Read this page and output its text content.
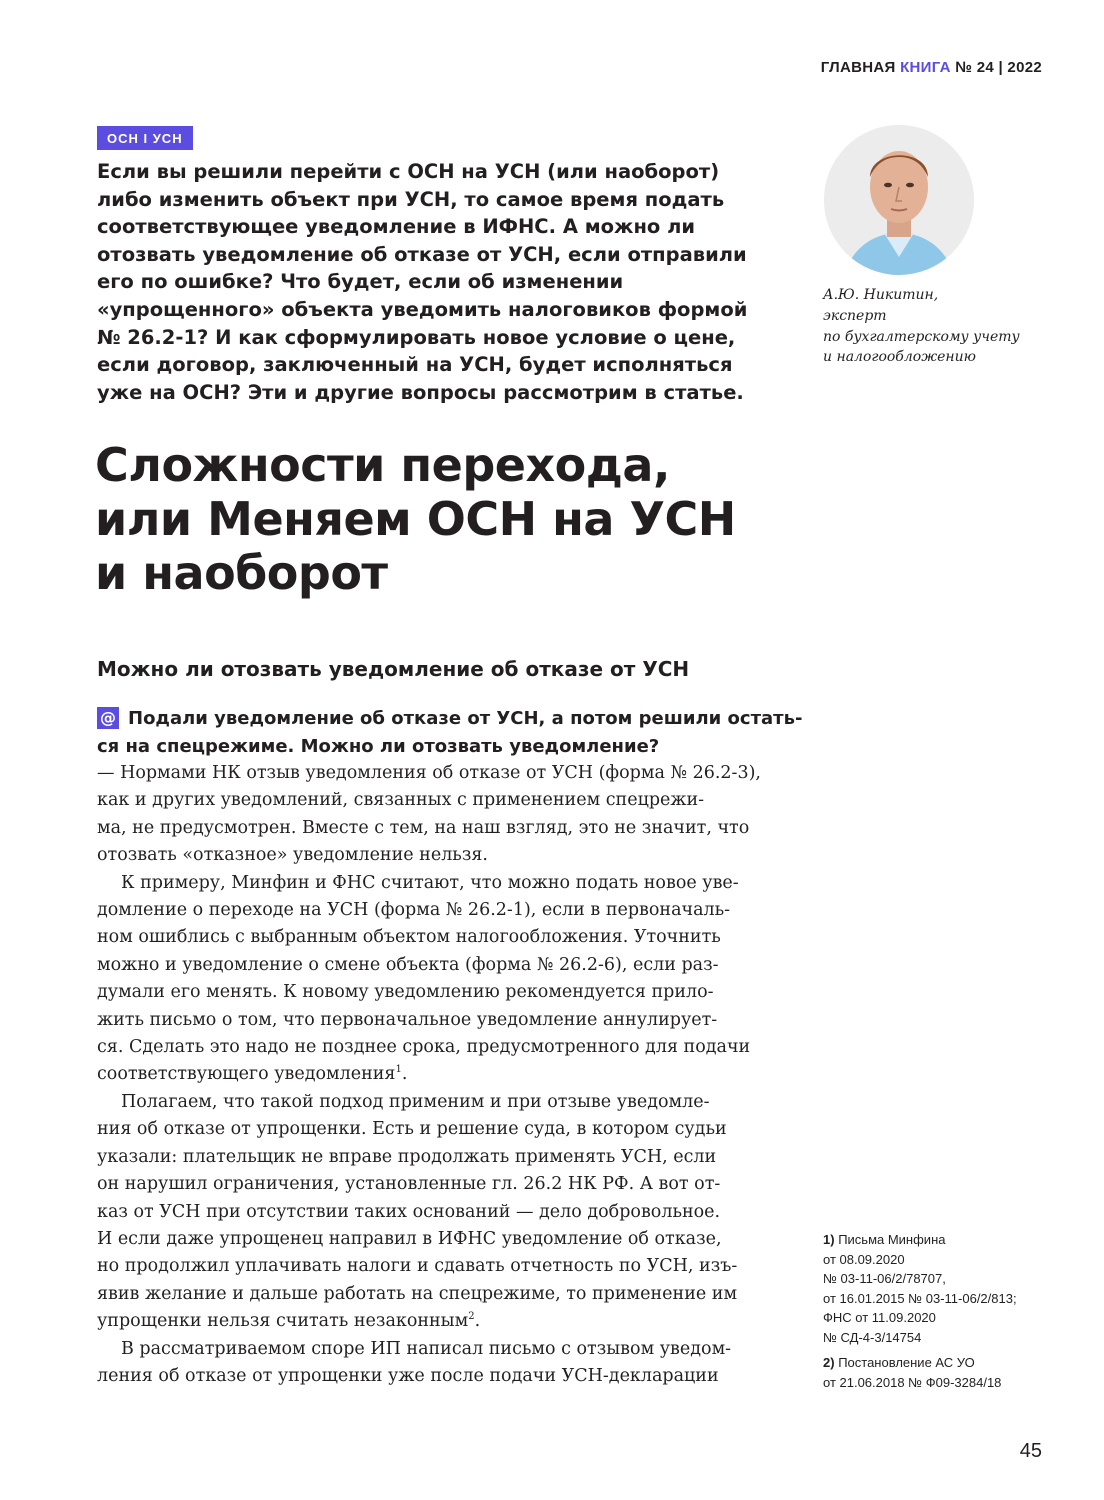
ГЛАВНАЯ КНИГА № 24 | 2022
ОСН I УСН
Если вы решили перейти с ОСН на УСН (или наоборот)
либо изменить объект при УСН, то самое время подать
соответствующее уведомление в ИФНС. А можно ли
отозвать уведомление об отказе от УСН, если отправили
его по ошибке? Что будет, если об изменении
«упрощенного» объекта уведомить налоговиков формой
№ 26.2-1? И как сформулировать новое условие о цене,
если договор, заключенный на УСН, будет исполняться
уже на ОСН? Эти и другие вопросы рассмотрим в статье.
А.Ю. Никитин,
эксперт
по бухгалтерскому учету
и налогообложению
Сложности перехода,
или Меняем ОСН на УСН
и наоборот
Можно ли отозвать уведомление об отказе от УСН
@ Подали уведомление об отказе от УСН, а потом решили остать-
ся на спецрежиме. Можно ли отозвать уведомление?
— Нормами НК отзыв уведомления об отказе от УСН (форма № 26.2-3),
как и других уведомлений, связанных с применением спецрежи-
ма, не предусмотрен. Вместе с тем, на наш взгляд, это не значит, что
отозвать «отказное» уведомление нельзя.
К примеру, Минфин и ФНС считают, что можно подать новое уве-
домление о переходе на УСН (форма № 26.2-1), если в первоначаль-
ном ошиблись с выбранным объектом налогообложения. Уточнить
можно и уведомление о смене объекта (форма № 26.2-6), если раз-
думали его менять. К новому уведомлению рекомендуется прило-
жить письмо о том, что первоначальное уведомление аннулирует-
ся. Сделать это надо не позднее срока, предусмотренного для подачи
соответствующего уведомления$^1$.
Полагаем, что такой подход применим и при отзыве уведомле-
ния об отказе от упрощенки. Есть и решение суда, в котором судьи
указали: плательщик не вправе продолжать применять УСН, если
он нарушил ограничения, установленные гл. 26.2 НК РФ. А вот от-
каз от УСН при отсутствии таких оснований — дело добровольное.
И если даже упрощенец направил в ИФНС уведомление об отказе,
но продолжил уплачивать налоги и сдавать отчетность по УСН, изъ-
явив желание и дальше работать на спецрежиме, то применение им
упрощенки нельзя считать незаконным$^2$.
В рассматриваемом споре ИП написал письмо с отзывом уведом-
ления об отказе от упрощенки уже после подачи УСН-декларации
1) Письма Минфина
от 08.09.2020
№ 03-11-06/2/78707,
от 16.01.2015 № 03-11-06/2/813;
ФНС от 11.09.2020
№ СД-4-3/14754
2) Постановление АС УО
от 21.06.2018 № Ф09-3284/18
45
